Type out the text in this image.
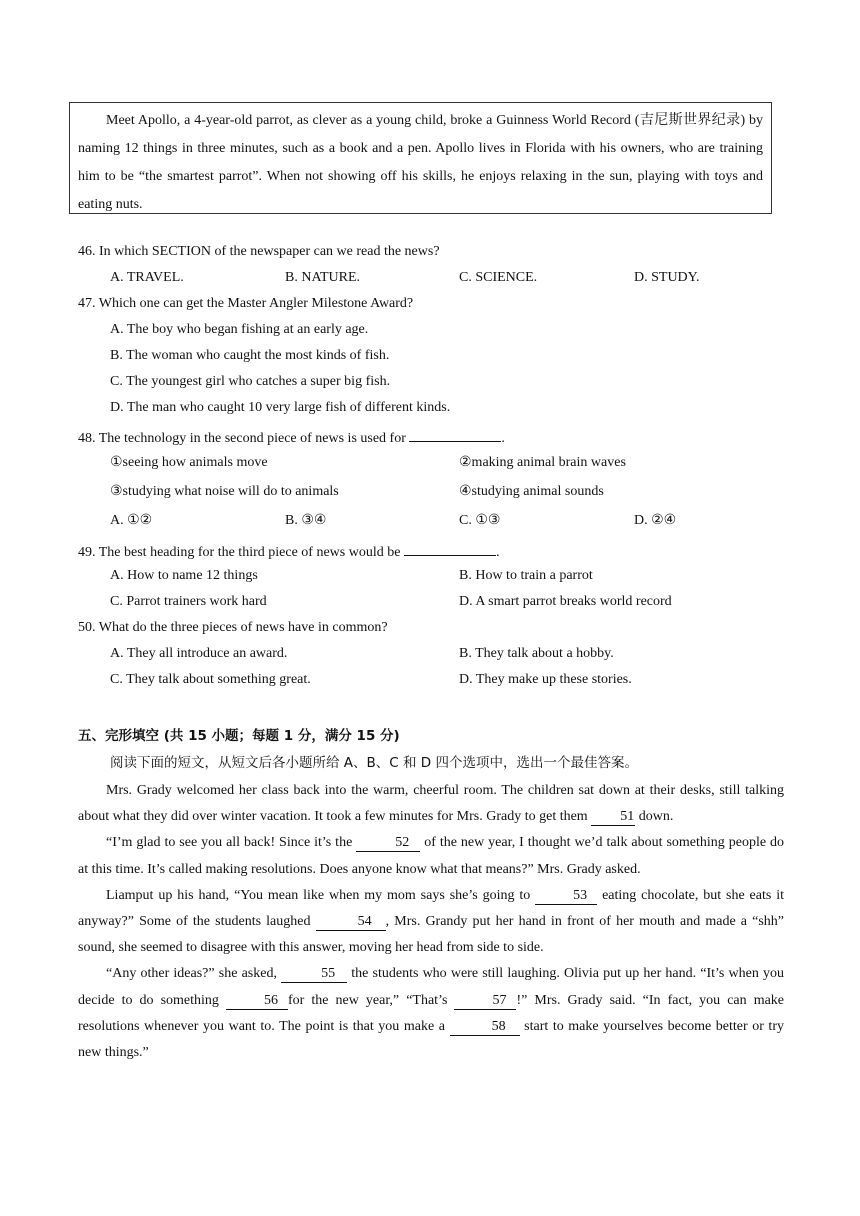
Meet Apollo, a 4-year-old parrot, as clever as a young child, broke a Guinness World Record (吉尼斯世界纪录) by naming 12 things in three minutes, such as a book and a pen. Apollo lives in Florida with his owners, who are training him to be “the smartest parrot”. When not showing off his skills, he enjoys relaxing in the sun, playing with toys and eating nuts.

46. In which SECTION of the newspaper can we read the news?
A. TRAVEL.	B. NATURE.	C. SCIENCE.	D. STUDY.
47. Which one can get the Master Angler Milestone Award?
A. The boy who began fishing at an early age.
B. The woman who caught the most kinds of fish.
C. The youngest girl who catches a super big fish.
D. The man who caught 10 very large fish of different kinds.
48. The technology in the second piece of news is used for	.
①seeing how animals move	②making animal brain waves
③studying what noise will do to animals	④studying animal sounds
A. ①②	B. ③④	C. ①③	D. ②④
49. The best heading for the third piece of news would be	.
A. How to name 12 things	B. How to train a parrot
C. Parrot trainers work hard	D. A smart parrot breaks world record
50. What do the three pieces of news have in common?
A. They all introduce an award.	B. They talk about a hobby.
C. They talk about something great.	D. They make up these stories.
五、完形填空 (共 15 小题；每题 1 分，满分 15 分)
阅读下面的短文，从短文后各小题所给 A、B、C 和 D 四个选项中，选出一个最佳答案。

Mrs. Grady welcomed her class back into the warm, cheerful room. The children sat down at their desks, still talking about what they did over winter vacation. It took a few minutes for Mrs. Grady to get them 51 down.

“I’m glad to see you all back! Since it’s the	52 of the new year, I thought we’d talk about something people do at this time. It’s called making resolutions. Does anyone know what that means?” Mrs. Grady asked.

Liamput up his hand, “You mean like when my mom says she’s going to	53 eating chocolate, but she eats it anyway?” Some of the students laughed	54 , Mrs. Grandy put her hand in front of her mouth and made a “shh” sound, she seemed to disagree with this answer, moving her head from side to side.

“Any other ideas?” she asked,	55 the students who were still laughing. Olivia put up her hand. “It’s when you decide to do something	56 for the new year,” “That’s	57 !” Mrs. Grady said. “In fact, you can make resolutions whenever you want to. The point is that you make a	58 start to make yourselves become better or try new things.”
